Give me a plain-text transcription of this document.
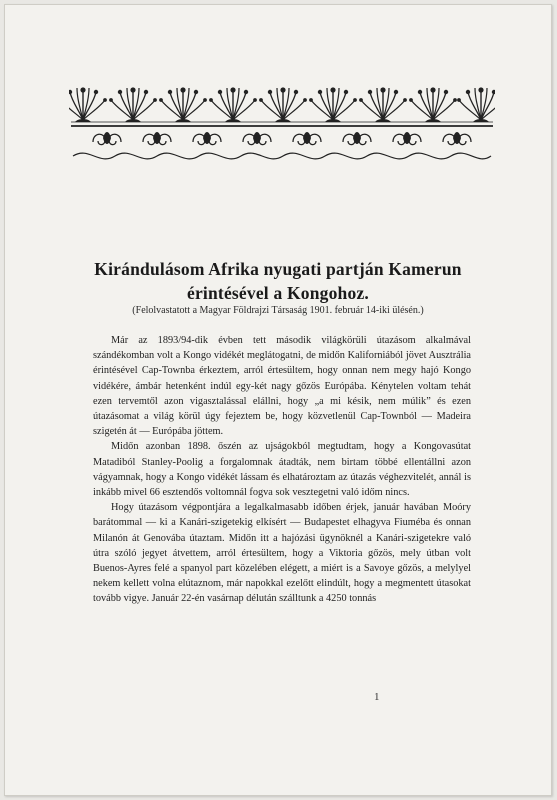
Kirándulásom Afrika nyugati partján Kamerun
érintésével a Kongohoz.
(Felolvastatott a Magyar Földrajzi Társaság 1901. február 14-iki ülésén.)

Már az 1893/94-dik évben tett második világkörüli útazásom alkalmával szándékomban volt a Kongo vidékét meglátogatni, de midőn Kaliforniából jövet Ausztrália érintésével Cap-Townba érkeztem, arról értesültem, hogy onnan nem megy hajó Kongo vidékére, ámbár hetenként indúl egy-két nagy gőzös Európába. Kénytelen voltam tehát ezen tervemtől azon vigasztalással elállni, hogy „a mi késik, nem múlik” és ezen útazásomat a világ körül úgy fejeztem be, hogy közvetlenül Cap-Townból — Madeira szigetén át — Európába jöttem.

Midőn azonban 1898. őszén az ujságokból megtudtam, hogy a Kongovasútat Matadiból Stanley-Poolig a forgalomnak átadták, nem birtam többé ellentállni azon vágyamnak, hogy a Kongo vidékét lássam és elhatároztam az útazás véghezvitelét, annál is inkább mivel 66 esztendős voltomnál fogva sok vesztegetni való időm nincs.

Hogy útazásom végpontjára a legalkalmasabb időben érjek, január havában Moóry barátommal — ki a Kanári-szigetekig elkísért — Budapestet elhagyva Fiuméba és onnan Milanón át Genovába útaztam. Midőn itt a hajózási ügynöknél a Kanári-szigetekre való útra szóló jegyet átvettem, arról értesültem, hogy a Viktoria gőzös, mely útban volt Buenos-Ayres felé a spanyol part közelében elégett, a miért is a Savoye gőzös, a melylyel nekem kellett volna elútaznom, már napokkal ezelőtt elindúlt, hogy a megmentett útasokat tovább vigye. Január 22-én vasárnap délután szálltunk a 4250 tonnás

1
